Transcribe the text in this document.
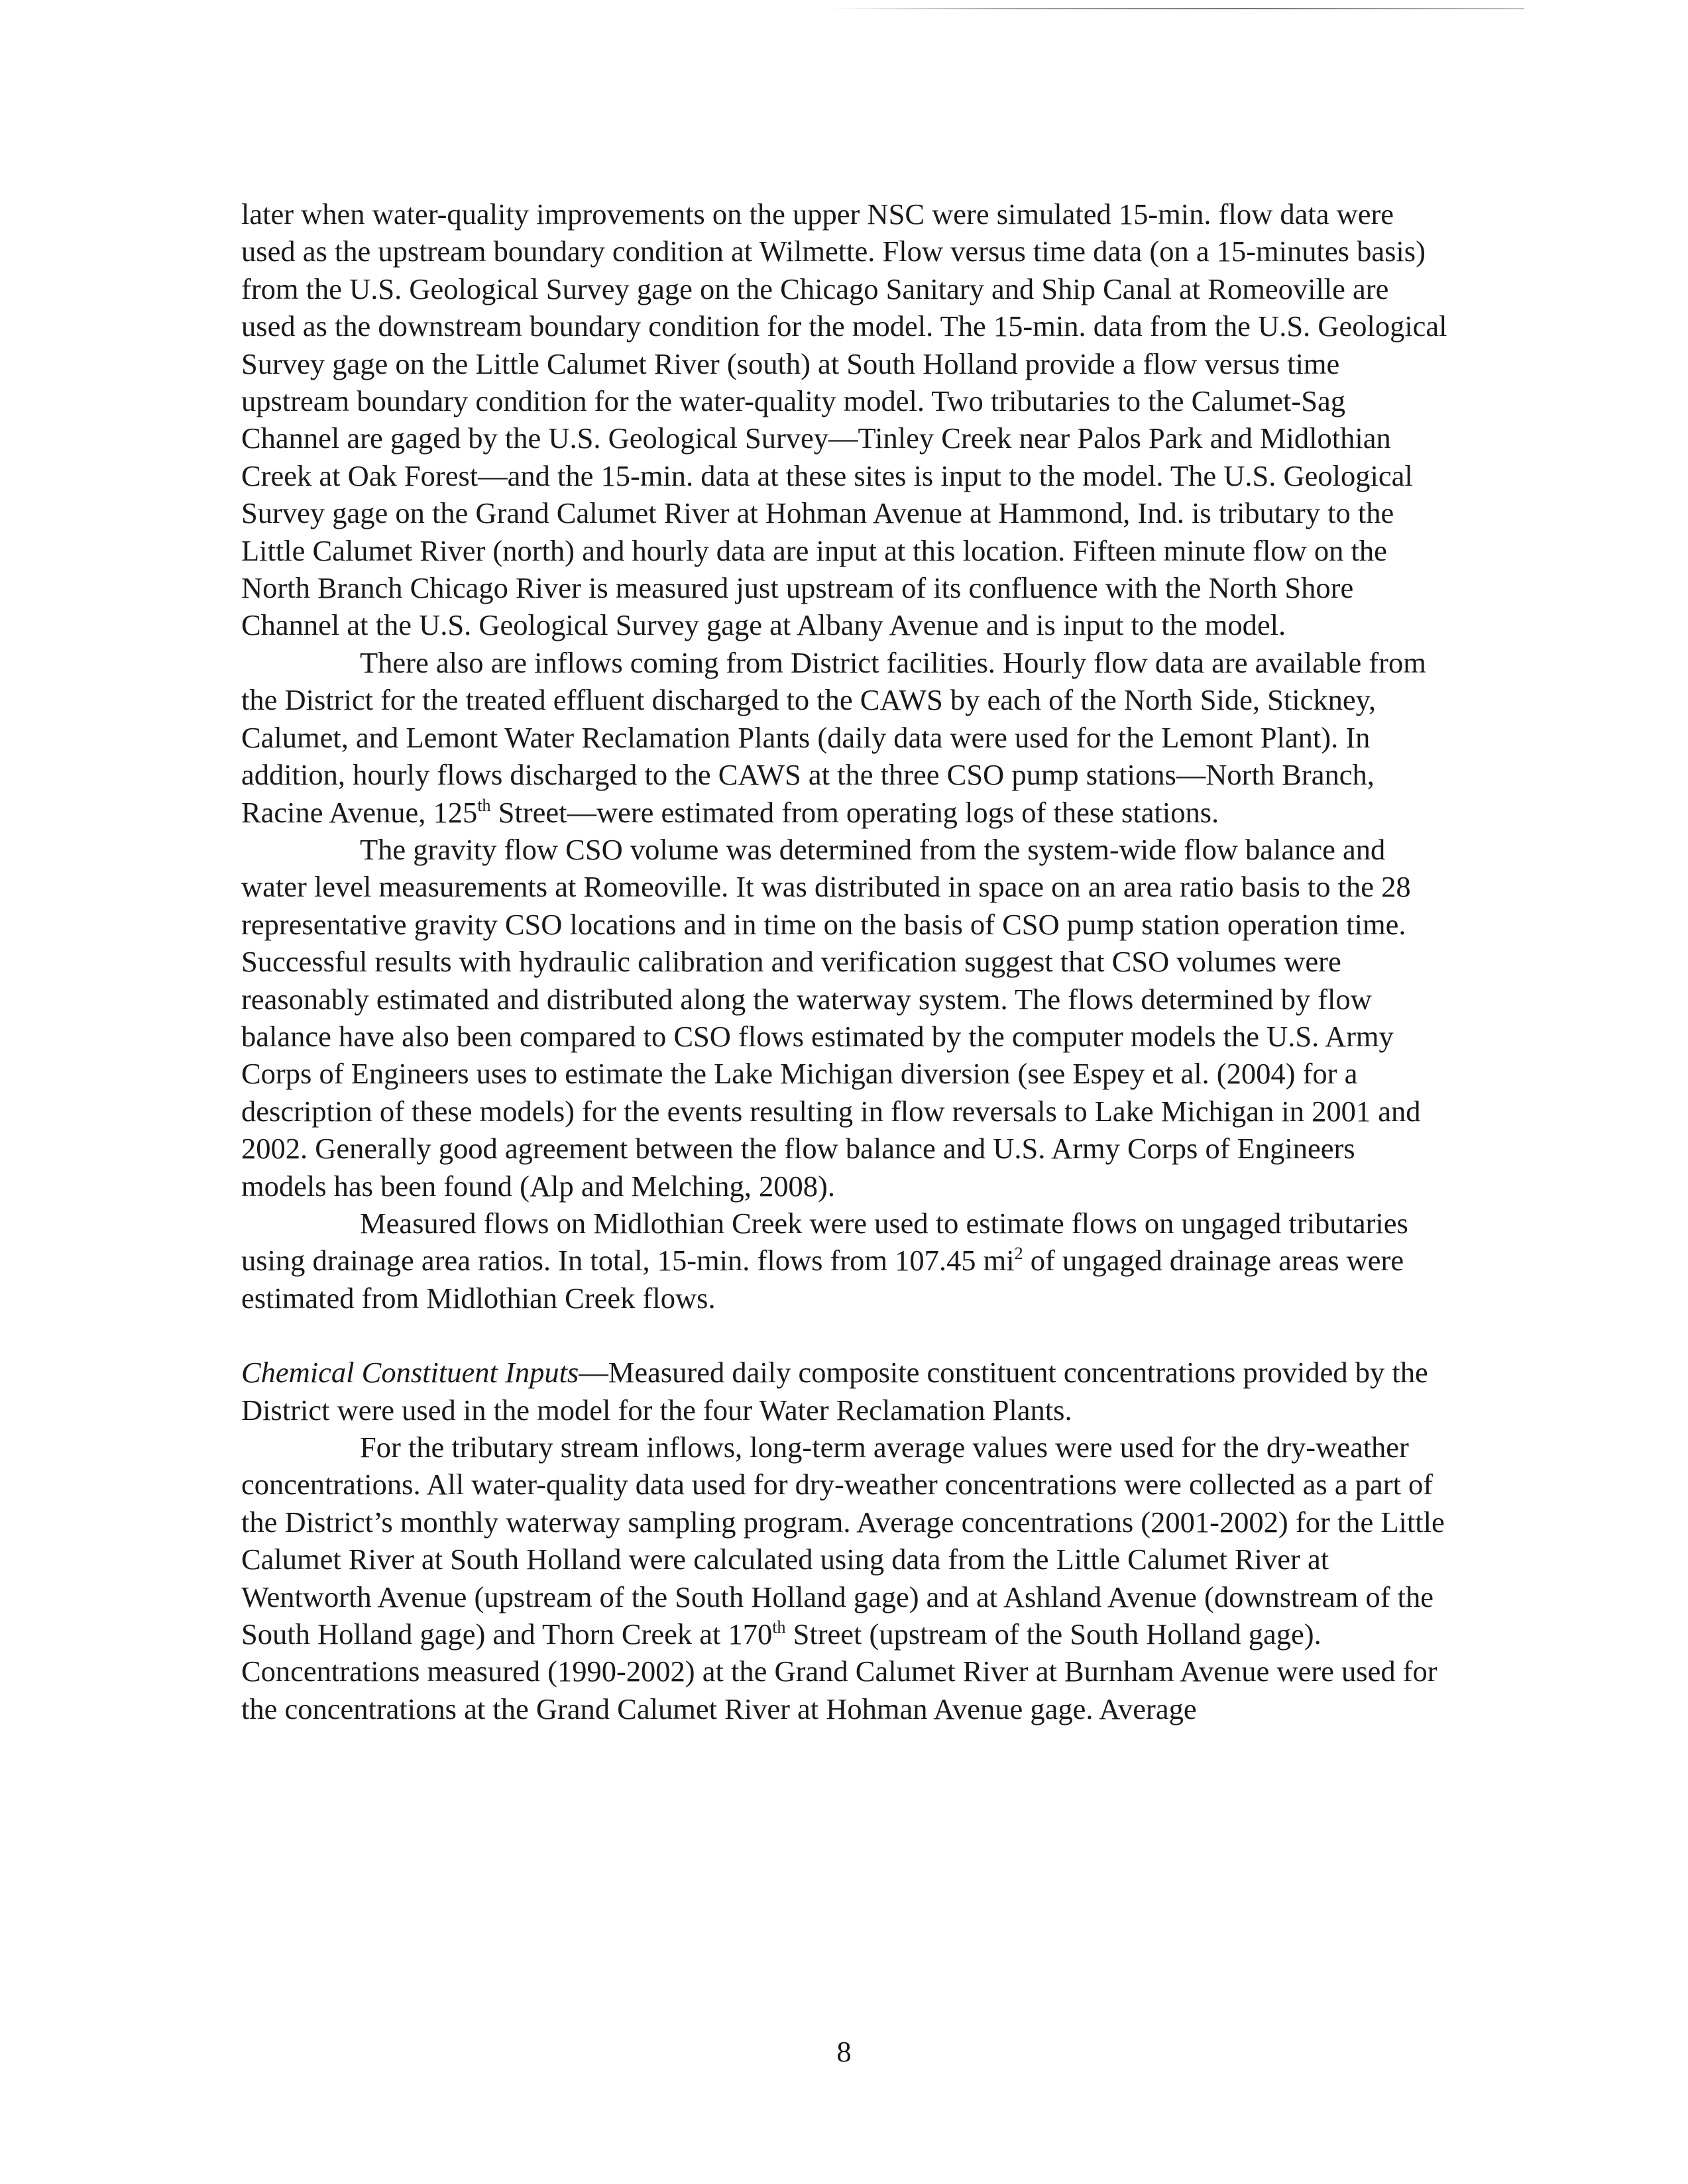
later when water-quality improvements on the upper NSC were simulated 15-min. flow data were used as the upstream boundary condition at Wilmette. Flow versus time data (on a 15-minutes basis) from the U.S. Geological Survey gage on the Chicago Sanitary and Ship Canal at Romeoville are used as the downstream boundary condition for the model. The 15-min. data from the U.S. Geological Survey gage on the Little Calumet River (south) at South Holland provide a flow versus time upstream boundary condition for the water-quality model. Two tributaries to the Calumet-Sag Channel are gaged by the U.S. Geological Survey—Tinley Creek near Palos Park and Midlothian Creek at Oak Forest—and the 15-min. data at these sites is input to the model. The U.S. Geological Survey gage on the Grand Calumet River at Hohman Avenue at Hammond, Ind. is tributary to the Little Calumet River (north) and hourly data are input at this location. Fifteen minute flow on the North Branch Chicago River is measured just upstream of its confluence with the North Shore Channel at the U.S. Geological Survey gage at Albany Avenue and is input to the model.

There also are inflows coming from District facilities. Hourly flow data are available from the District for the treated effluent discharged to the CAWS by each of the North Side, Stickney, Calumet, and Lemont Water Reclamation Plants (daily data were used for the Lemont Plant). In addition, hourly flows discharged to the CAWS at the three CSO pump stations—North Branch, Racine Avenue, 125th Street—were estimated from operating logs of these stations.

The gravity flow CSO volume was determined from the system-wide flow balance and water level measurements at Romeoville. It was distributed in space on an area ratio basis to the 28 representative gravity CSO locations and in time on the basis of CSO pump station operation time. Successful results with hydraulic calibration and verification suggest that CSO volumes were reasonably estimated and distributed along the waterway system. The flows determined by flow balance have also been compared to CSO flows estimated by the computer models the U.S. Army Corps of Engineers uses to estimate the Lake Michigan diversion (see Espey et al. (2004) for a description of these models) for the events resulting in flow reversals to Lake Michigan in 2001 and 2002. Generally good agreement between the flow balance and U.S. Army Corps of Engineers models has been found (Alp and Melching, 2008).

Measured flows on Midlothian Creek were used to estimate flows on ungaged tributaries using drainage area ratios. In total, 15-min. flows from 107.45 $mi^2$ of ungaged drainage areas were estimated from Midlothian Creek flows.

Chemical Constituent Inputs—Measured daily composite constituent concentrations provided by the District were used in the model for the four Water Reclamation Plants.

For the tributary stream inflows, long-term average values were used for the dry-weather concentrations. All water-quality data used for dry-weather concentrations were collected as a part of the District’s monthly waterway sampling program. Average concentrations (2001-2002) for the Little Calumet River at South Holland were calculated using data from the Little Calumet River at Wentworth Avenue (upstream of the South Holland gage) and at Ashland Avenue (downstream of the South Holland gage) and Thorn Creek at 170th Street (upstream of the South Holland gage). Concentrations measured (1990-2002) at the Grand Calumet River at Burnham Avenue were used for the concentrations at the Grand Calumet River at Hohman Avenue gage. Average

8
